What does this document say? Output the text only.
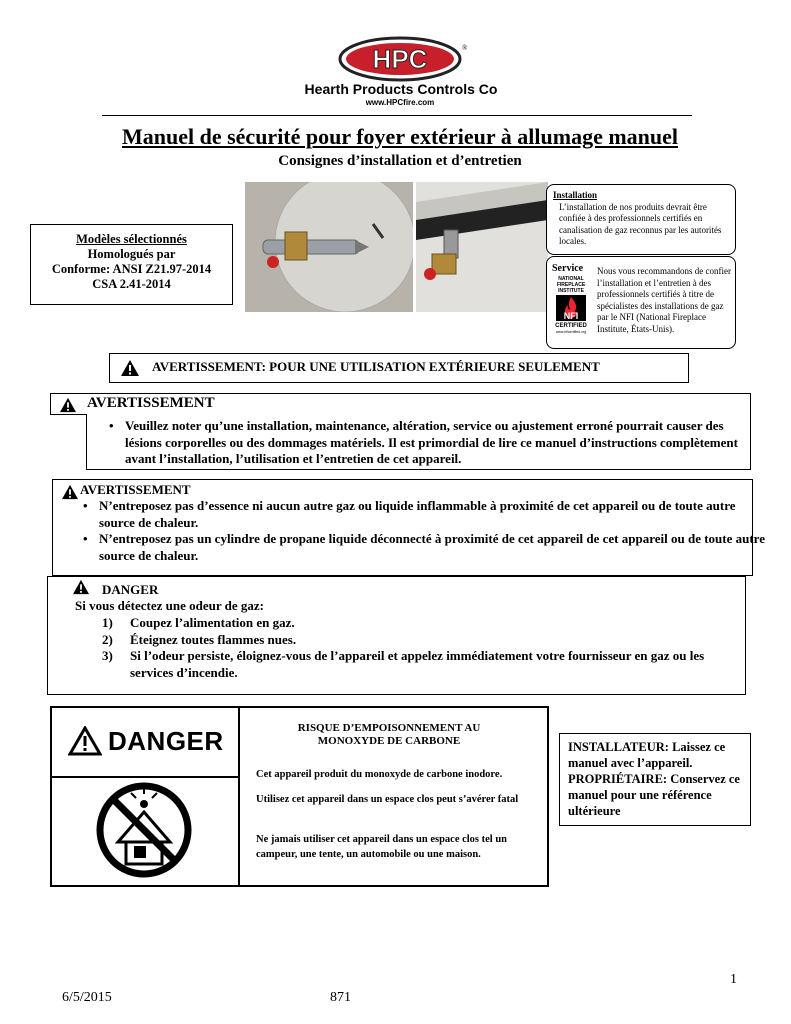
HPC	®
Hearth Products Controls Co
www.HPCfire.com
Manuel de sécurité pour foyer extérieur à allumage manuel
Consignes d’installation et d’entretien
Modèles sélectionnés
Homologués par
Conforme: ANSI Z21.97-2014
CSA 2.41-2014
Installation
L’installation de nos produits devrait être confiée à des professionnels certifiés en canalisation de gaz reconnus par les autorités locales.
Service
NATIONAL
FIREPLACE
INSTITUTE
NFI
CERTIFIED
www.nficertified.org
Nous vous recommandons de confier l’installation et l’entretien à des professionnels certifiés à titre de spécialistes des installations de gaz par le NFI (National Fireplace Institute, États-Unis).
AVERTISSEMENT: POUR UNE UTILISATION EXTÉRIEURE SEULEMENT
AVERTISSEMENT
• Veuillez noter qu’une installation, maintenance, altération, service ou ajustement erroné pourrait causer des lésions corporelles ou des dommages matériels. Il est primordial de lire ce manuel d’instructions complètement avant l’installation, l’utilisation et l’entretien de cet appareil.
AVERTISSEMENT
• N’entreposez pas d’essence ni aucun autre gaz ou liquide inflammable à proximité de cet appareil ou de toute autre source de chaleur.
• N’entreposez pas un cylindre de propane liquide déconnecté à proximité de cet appareil de cet appareil ou de toute autre source de chaleur.
DANGER
Si vous détectez une odeur de gaz:
1)	Coupez l’alimentation en gaz.
2)	Éteignez toutes flammes nues.
3)	Si l’odeur persiste, éloignez-vous de l’appareil et appelez immédiatement votre fournisseur en gaz ou les services d’incendie.
DANGER	RISQUE D’EMPOISONNEMENT AU MONOXYDE DE CARBONE
Cet appareil produit du monoxyde de carbone inodore.
Utilisez cet appareil dans un espace clos peut s’avérer fatal
Ne jamais utiliser cet appareil dans un espace clos tel un campeur, une tente, un automobile ou une maison.
INSTALLATEUR: Laissez ce manuel avec l’appareil. PROPRIÉTAIRE: Conservez ce manuel pour une référence ultérieure
1
6/5/2015	871
